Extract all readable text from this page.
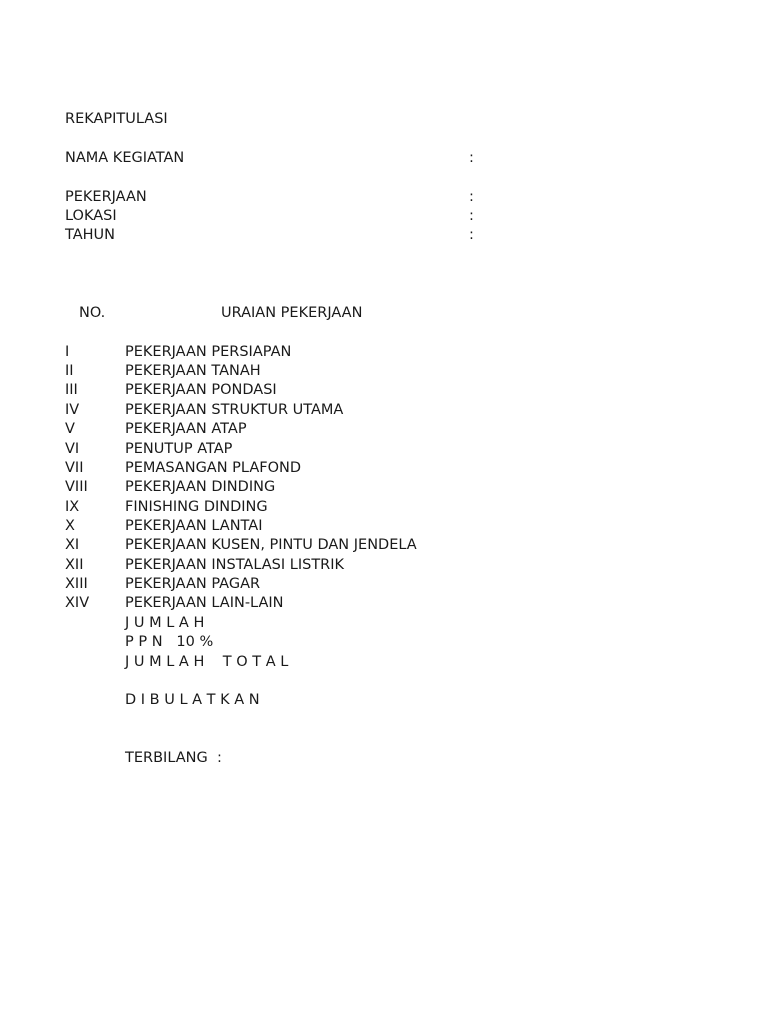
REKAPITULASI
NAMA KEGIATAN	:
PEKERJAAN	:
LOKASI	:
TAHUN	:
NO.	URAIAN PEKERJAAN
I	PEKERJAAN PERSIAPAN
II	PEKERJAAN TANAH
III	PEKERJAAN PONDASI
IV	PEKERJAAN STRUKTUR UTAMA
V	PEKERJAAN ATAP
VI	PENUTUP ATAP
VII	PEMASANGAN PLAFOND
VIII	PEKERJAAN DINDING
IX	FINISHING DINDING
X	PEKERJAAN LANTAI
XI	PEKERJAAN KUSEN, PINTU DAN JENDELA
XII	PEKERJAAN INSTALASI LISTRIK
XIII	PEKERJAAN PAGAR
XIV PEKERJAAN LAIN-LAIN
J U M L A H
P P N   10 %
J U M L A H    T O T A L
D I B U L A T K A N
TERBILANG  :
